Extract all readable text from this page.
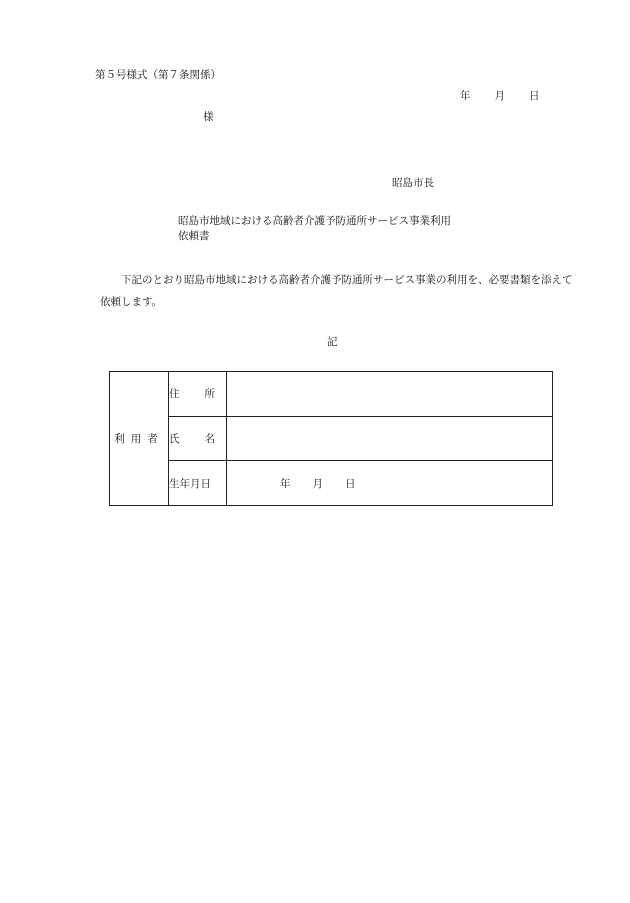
第５号様式（第７条関係）
年 月 日
様
昭島市長
昭島市地域における高齢者介護予防通所サービス事業利用
依頼書
下記のとおり昭島市地域における高齢者介護予防通所サービス事業の利用を、必要書類を添えて依頼します。
記
利用者	住 所	

	氏 名	

	生年月日	年 月 日
